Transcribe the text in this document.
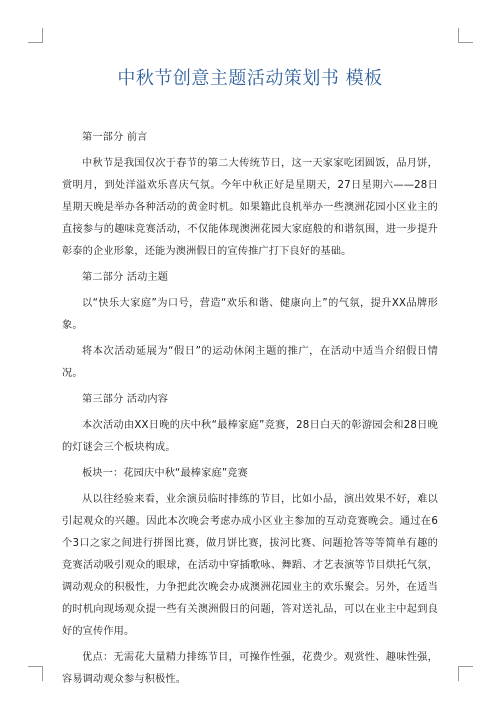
中秋节创意主题活动策划书 模板

第一部分 前言

中秋节是我国仅次于春节的第二大传统节日，这一天家家吃团圆饭，品月饼，赏明月，到处洋溢欢乐喜庆气氛。今年中秋正好是星期天，27日星期六——28日星期天晚是举办各种活动的黄金时机。如果籍此良机举办一些澳洲花园小区业主的直接参与的趣味竞赛活动，不仅能体现澳洲花园大家庭般的和谐氛围，进一步提升彰泰的企业形象，还能为澳洲假日的宣传推广打下良好的基础。

第二部分 活动主题

以“快乐大家庭”为口号，营造“欢乐和谐、健康向上”的气氛，提升XX品牌形象。

将本次活动延展为“假日”的运动休闲主题的推广，在活动中适当介绍假日情况。

第三部分 活动内容

本次活动由XX日晚的庆中秋“最棒家庭”竞赛，28日白天的彰游园会和28日晚的灯谜会三个板块构成。

板块一：花园庆中秋“最棒家庭”竞赛

从以往经验来看，业余演员临时排练的节目，比如小品，演出效果不好，难以引起观众的兴趣。因此本次晚会考虑办成小区业主参加的互动竞赛晚会。通过在6个3口之家之间进行拼图比赛，做月饼比赛，拔河比赛、问题抢答等等简单有趣的竞赛活动吸引观众的眼球，在活动中穿插歌咏、舞蹈、才艺表演等节目烘托气氛，调动观众的积极性，力争把此次晚会办成澳洲花园业主的欢乐聚会。另外，在适当的时机向现场观众提一些有关澳洲假日的问题，答对送礼品，可以在业主中起到良好的宣传作用。

优点：无需花大量精力排练节目，可操作性强，花费少。观赏性、趣味性强，容易调动观众参与积极性。
